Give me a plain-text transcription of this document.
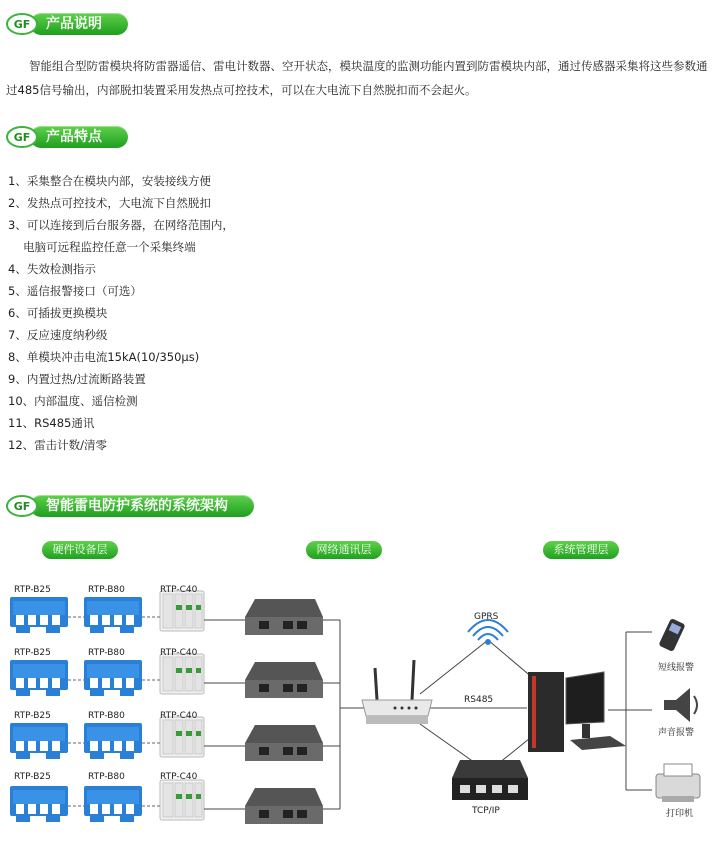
GF	产品说明
智能组合型防雷模块将防雷器遥信、雷电计数器、空开状态，模块温度的监测功能内置到防雷模块内部，通过传感器采集将这些参数通过485信号输出，内部脱扣装置采用发热点可控技术，可以在大电流下自然脱扣而不会起火。
GF	产品特点
1、采集整合在模块内部，安装接线方便
2、发热点可控技术，大电流下自然脱扣
3、可以连接到后台服务器，在网络范围内，
　 电脑可远程监控任意一个采集终端
4、失效检测指示
5、遥信报警接口（可选）
6、可插拔更换模块
7、反应速度纳秒级
8、单模块冲击电流15kA(10/350μs)
9、内置过热/过流断路装置
10、内部温度、遥信检测
11、RS485通讯
12、雷击计数/清零
GF	智能雷电防护系统的系统架构
硬件设备层	网络通讯层	系统管理层
RTP-B25	RTP-B80	RTP-C40
RTP-B25	RTP-B80	RTP-C40
RTP-B25	RTP-B80	RTP-C40
RTP-B25	RTP-B80	RTP-C40
GPRS
RS485
TCP/IP
短线报警
声音报警
打印机
